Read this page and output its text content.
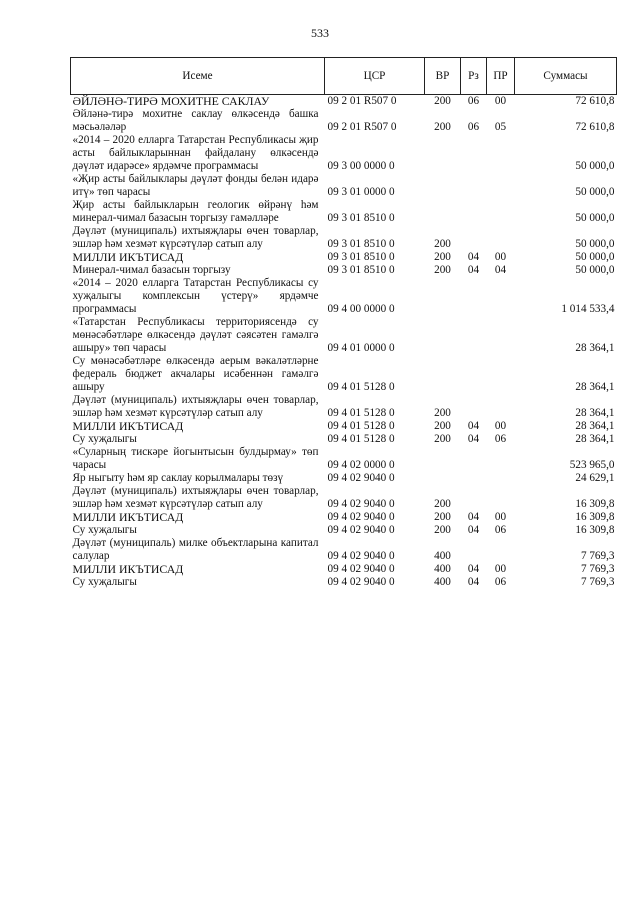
533
Исеме	ЦСР	ВР	Рз	ПР	Суммасы
ӘЙЛӘНӘ-ТИРӘ МОХИТНЕ САКЛАУ	09 2 01 R507 0	200	06	00	72 610,8
Әйләнә-тирә мохитне саклау өлкәсендә башка мәсьәләләр	09 2 01 R507 0	200	06	05	72 610,8
«2014 – 2020 елларга Татарстан Республикасы җир асты байлыкларыннан файдалану өлкәсендә дәүләт идарәсе» ярдәмче программасы	09 3 00 0000 0				50 000,0
«Җир асты байлыклары дәүләт фонды белән идарә итү» төп чарасы	09 3 01 0000 0				50 000,0
Җир асты байлыкларын геологик өйрәнү һәм минерал-чимал базасын торгызу гамәлләре	09 3 01 8510 0				50 000,0
Дәүләт (муниципаль) ихтыяҗлары өчен товарлар, эшләр һәм хезмәт күрсәтүләр сатып алу	09 3 01 8510 0	200			50 000,0
МИЛЛИ ИКЪТИСАД	09 3 01 8510 0	200	04	00	50 000,0
Минерал-чимал базасын торгызу	09 3 01 8510 0	200	04	04	50 000,0
«2014 – 2020 елларга Татарстан Республикасы су хуҗалыгы комплексын үстерү» ярдәмче программасы	09 4 00 0000 0				1 014 533,4
«Татарстан Республикасы территориясендә су мөнәсәбәтләре өлкәсендә дәүләт сәясәтен гамәлгә ашыру» төп чарасы	09 4 01 0000 0				28 364,1
Су мөнәсәбәтләре өлкәсендә аерым вәкаләтләрне федераль бюджет акчалары исәбеннән гамәлгә ашыру	09 4 01 5128 0				28 364,1
Дәүләт (муниципаль) ихтыяҗлары өчен товарлар, эшләр һәм хезмәт күрсәтүләр сатып алу	09 4 01 5128 0	200			28 364,1
МИЛЛИ ИКЪТИСАД	09 4 01 5128 0	200	04	00	28 364,1
Су хуҗалыгы	09 4 01 5128 0	200	04	06	28 364,1
«Суларның тискәре йогынтысын булдырмау» төп чарасы	09 4 02 0000 0				523 965,0
Яр ныгыту һәм яр саклау корылмалары төзү	09 4 02 9040 0				24 629,1
Дәүләт (муниципаль) ихтыяҗлары өчен товарлар, эшләр һәм хезмәт күрсәтүләр сатып алу	09 4 02 9040 0	200			16 309,8
МИЛЛИ ИКЪТИСАД	09 4 02 9040 0	200	04	00	16 309,8
Су хуҗалыгы	09 4 02 9040 0	200	04	06	16 309,8
Дәүләт (муниципаль) милке объектларына капитал салулар	09 4 02 9040 0	400			7 769,3
МИЛЛИ ИКЪТИСАД	09 4 02 9040 0	400	04	00	7 769,3
Су хуҗалыгы	09 4 02 9040 0	400	04	06	7 769,3
